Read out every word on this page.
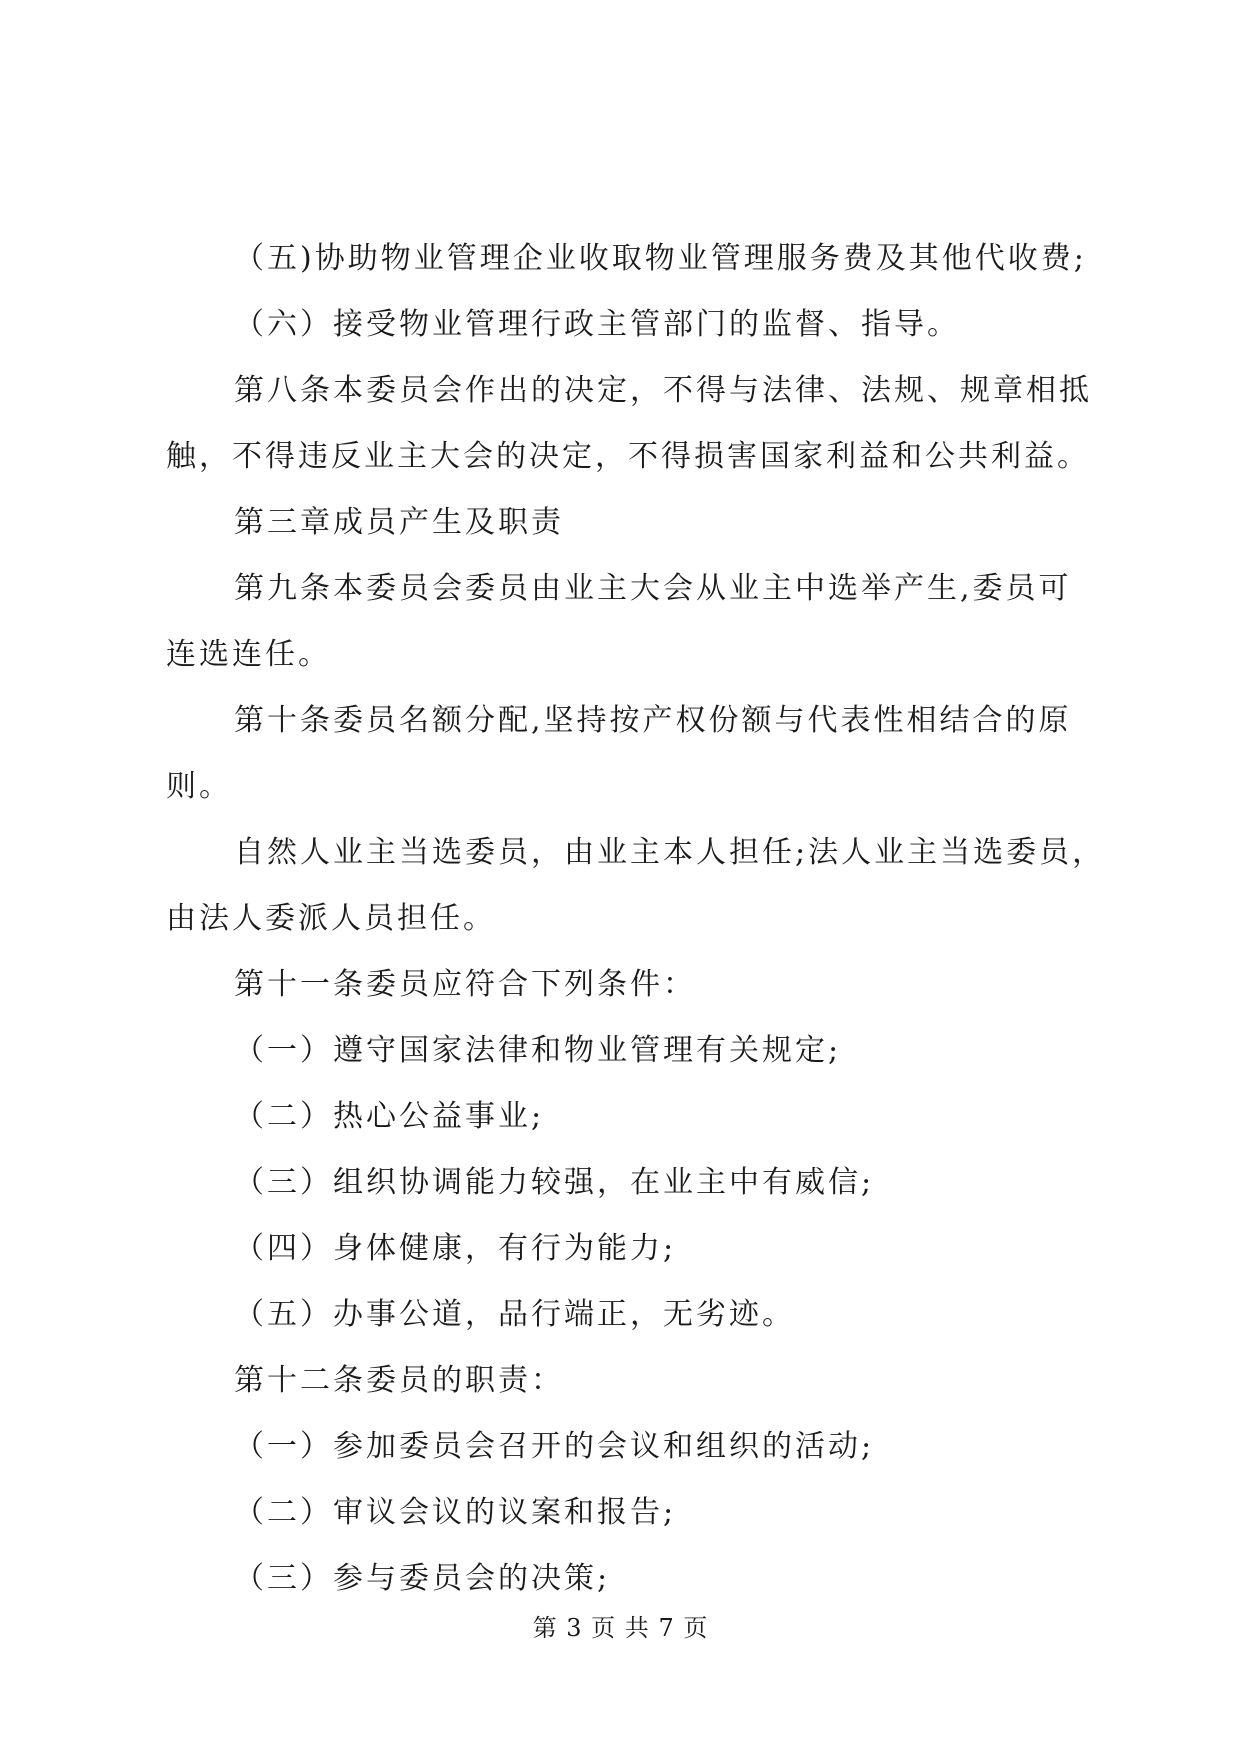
（五)协助物业管理企业收取物业管理服务费及其他代收费;
（六）接受物业管理行政主管部门的监督、指导。
第八条本委员会作出的决定，不得与法律、法规、规章相抵
触，不得违反业主大会的决定，不得损害国家利益和公共利益。
第三章成员产生及职责
第九条本委员会委员由业主大会从业主中选举产生,委员可
连选连任。
第十条委员名额分配,坚持按产权份额与代表性相结合的原
则。
自然人业主当选委员，由业主本人担任;法人业主当选委员，
由法人委派人员担任。
第十一条委员应符合下列条件：
（一）遵守国家法律和物业管理有关规定;
（二）热心公益事业;
（三）组织协调能力较强，在业主中有威信;
（四）身体健康，有行为能力;
（五）办事公道，品行端正，无劣迹。
第十二条委员的职责：
（一）参加委员会召开的会议和组织的活动;
（二）审议会议的议案和报告;
（三）参与委员会的决策;
第 3 页 共 7 页
